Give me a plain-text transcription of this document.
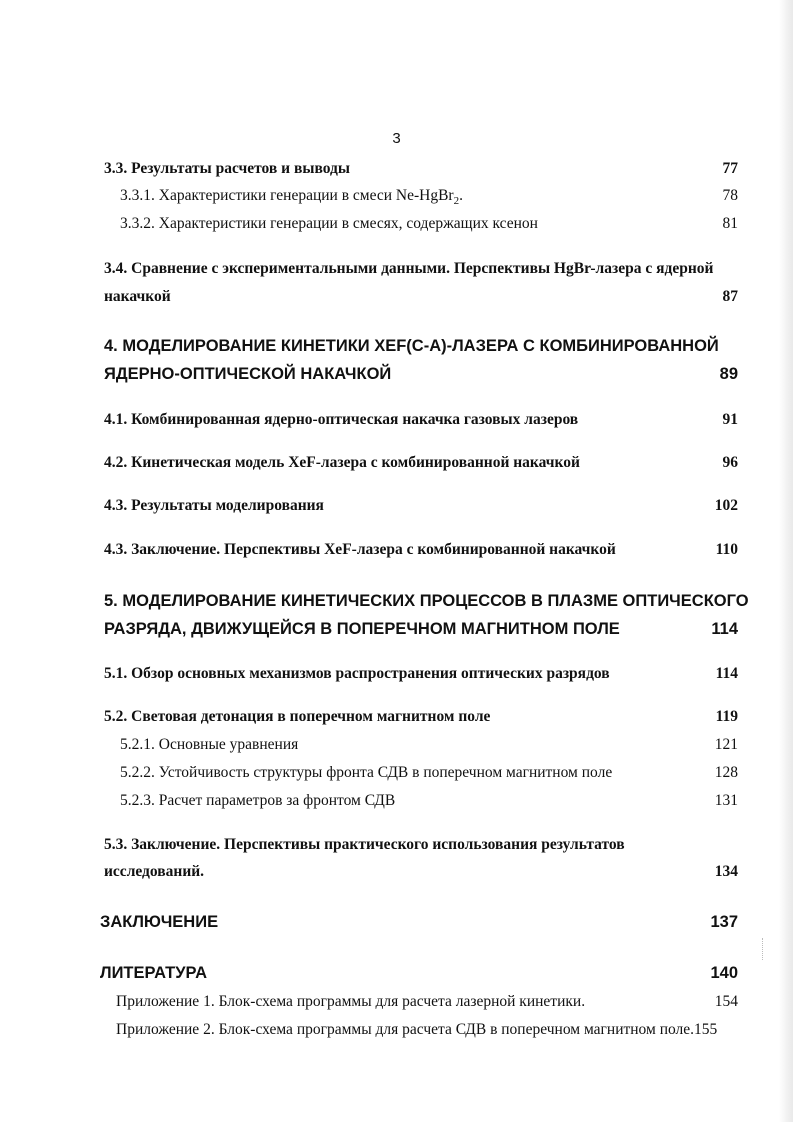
3
3.3. Результаты расчетов и выводы	77
3.3.1. Характеристики генерации в смеси Ne-HgBr$_2$.	78
3.3.2. Характеристики генерации в смесях, содержащих ксенон	81
3.4. Сравнение с экспериментальными данными. Перспективы HgBr-лазера с ядерной
накачкой	87
4. МОДЕЛИРОВАНИЕ КИНЕТИКИ XEF(C-A)-ЛАЗЕРА С КОМБИНИРОВАННОЙ
ЯДЕРНО-ОПТИЧЕСКОЙ НАКАЧКОЙ	89
4.1. Комбинированная ядерно-оптическая накачка газовых лазеров	91
4.2. Кинетическая модель XeF-лазера с комбинированной накачкой	96
4.3. Результаты моделирования	102
4.3. Заключение. Перспективы XeF-лазера с комбинированной накачкой	110
5. МОДЕЛИРОВАНИЕ КИНЕТИЧЕСКИХ ПРОЦЕССОВ В ПЛАЗМЕ ОПТИЧЕСКОГО
РАЗРЯДА, ДВИЖУЩЕЙСЯ В ПОПЕРЕЧНОМ МАГНИТНОМ ПОЛЕ	114
5.1. Обзор основных механизмов распространения оптических разрядов	114
5.2. Световая детонация в поперечном магнитном поле	119
5.2.1. Основные уравнения	121
5.2.2. Устойчивость структуры фронта СДВ в поперечном магнитном поле	128
5.2.3. Расчет параметров за фронтом СДВ	131
5.3. Заключение. Перспективы практического использования результатов
исследований.	134
ЗАКЛЮЧЕНИЕ	137
ЛИТЕРАТУРА	140
Приложение 1. Блок-схема программы для расчета лазерной кинетики.	154
Приложение 2. Блок-схема программы для расчета СДВ в поперечном магнитном поле.155
